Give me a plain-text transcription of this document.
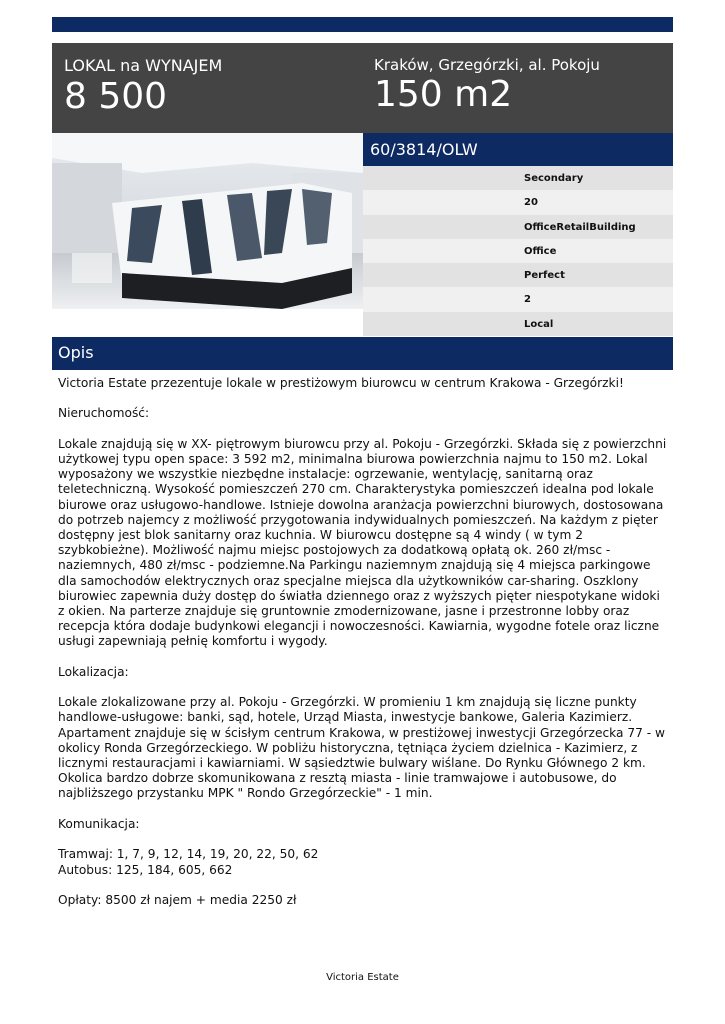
LOKAL na WYNAJEM
8 500
Kraków, Grzegórzki, al. Pokoju
150 m2
60/3814/OLW
Secondary
20
OfficeRetailBuilding
Office
Perfect
2
Local
Opis

Victoria Estate przezentuje lokale w prestiżowym biurowcu w centrum Krakowa - Grzegórzki!

Nieruchomość:

Lokale znajdują się w XX- piętrowym biurowcu przy al. Pokoju - Grzegórzki. Składa się z powierzchni użytkowej typu open space: 3 592 m2, minimalna biurowa powierzchnia najmu to 150 m2. Lokal wyposażony we wszystkie niezbędne instalacje: ogrzewanie, wentylację, sanitarną oraz teletechniczną. Wysokość pomieszczeń 270 cm. Charakterystyka pomieszczeń idealna pod lokale biurowe oraz usługowo-handlowe. Istnieje dowolna aranżacja powierzchni biurowych, dostosowana do potrzeb najemcy z możliwość przygotowania indywidualnych pomieszczeń. Na każdym z pięter dostępny jest blok sanitarny oraz kuchnia. W biurowcu dostępne są 4 windy ( w tym 2 szybkobieżne). Możliwość najmu miejsc postojowych za dodatkową opłatą ok. 260 zł/msc - naziemnych, 480 zł/msc - podziemne.Na Parkingu naziemnym znajdują się 4 miejsca parkingowe dla samochodów elektrycznych oraz specjalne miejsca dla użytkowników car-sharing. Oszklony biurowiec zapewnia duży dostęp do światła dziennego oraz z wyższych pięter niespotykane widoki z okien. Na parterze znajduje się gruntownie zmodernizowane, jasne i przestronne lobby oraz recepcja która dodaje budynkowi elegancji i nowoczesności. Kawiarnia, wygodne fotele oraz liczne usługi zapewniają pełnię komfortu i wygody.

Lokalizacja:

Lokale zlokalizowane przy al. Pokoju - Grzegórzki. W promieniu 1 km znajdują się liczne punkty handlowe-usługowe: banki, sąd, hotele, Urząd Miasta, inwestycje bankowe, Galeria Kazimierz. Apartament znajduje się w ścisłym centrum Krakowa, w prestiżowej inwestycji Grzegórzecka 77 - w okolicy Ronda Grzegórzeckiego. W pobliżu historyczna, tętniąca życiem dzielnica - Kazimierz, z licznymi restauracjami i kawiarniami. W sąsiedztwie bulwary wiślane. Do Rynku Głównego 2 km. Okolica bardzo dobrze skomunikowana z resztą miasta - linie tramwajowe i autobusowe, do najbliższego przystanku MPK " Rondo Grzegórzeckie" - 1 min.

Komunikacja:

Tramwaj: 1, 7, 9, 12, 14, 19, 20, 22, 50, 62
Autobus: 125, 184, 605, 662

Opłaty: 8500 zł najem + media 2250 zł

Victoria Estate
